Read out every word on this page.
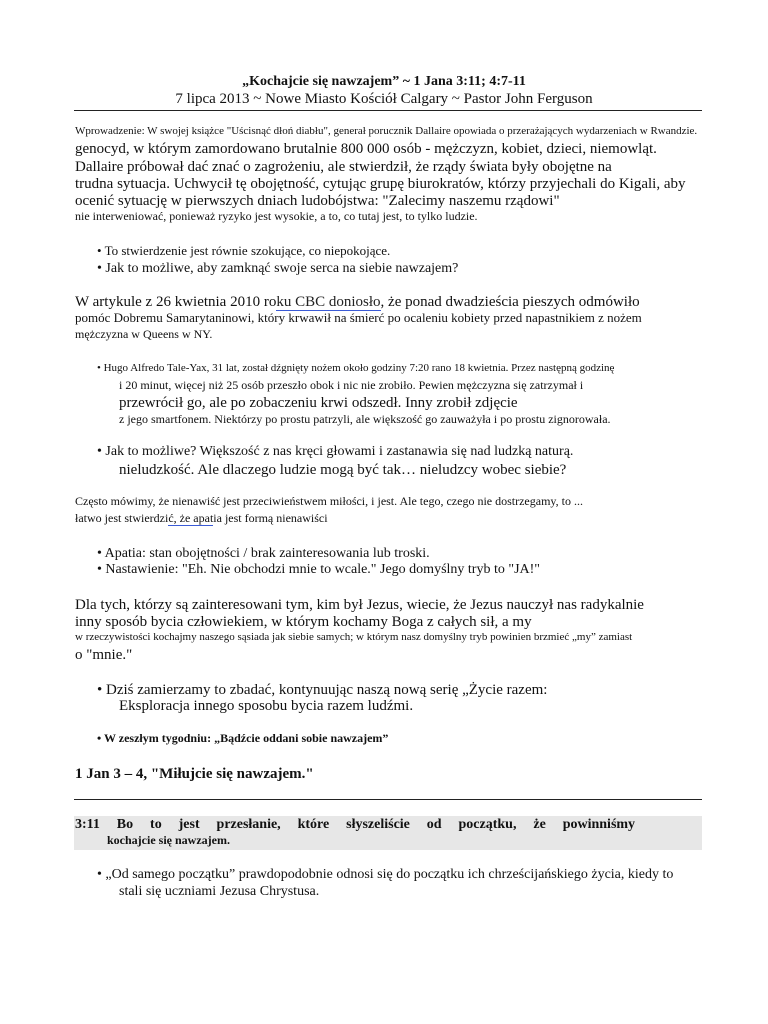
„Kochajcie się nawzajem” ~ 1 Jana 3:11; 4:7-11
7 lipca 2013 ~ Nowe Miasto Kościół Calgary ~ Pastor John Ferguson
Wprowadzenie: W swojej książce "Uścisnąć dłoń diabłu", generał porucznik Dallaire opowiada o przerażających wydarzeniach w Rwandzie.
genocyd, w którym zamordowano brutalnie 800 000 osób - mężczyzn, kobiet, dzieci, niemowląt.
Dallaire próbował dać znać o zagrożeniu, ale stwierdził, że rządy świata były obojętne na
trudna sytuacja. Uchwycił tę obojętność, cytując grupę biurokratów, którzy przyjechali do Kigali, aby
ocenić sytuację w pierwszych dniach ludobójstwa: "Zalecimy naszemu rządowi"
nie interweniować, ponieważ ryzyko jest wysokie, a to, co tutaj jest, to tylko ludzie.
• To stwierdzenie jest równie szokujące, co niepokojące.
• Jak to możliwe, aby zamknąć swoje serca na siebie nawzajem?
W artykule z 26 kwietnia 2010 roku CBC doniosło, że ponad dwadzieścia pieszych odmówiło
pomóc Dobremu Samarytaninowi, który krwawił na śmierć po ocaleniu kobiety przed napastnikiem z nożem
mężczyzna w Queens w NY.
• Hugo Alfredo Tale-Yax, 31 lat, został dźgnięty nożem około godziny 7:20 rano 18 kwietnia. Przez następną godzinę
i 20 minut, więcej niż 25 osób przeszło obok i nic nie zrobiło. Pewien mężczyzna się zatrzymał i
przewrócił go, ale po zobaczeniu krwi odszedł. Inny zrobił zdjęcie
z jego smartfonem. Niektórzy po prostu patrzyli, ale większość go zauważyła i po prostu zignorowała.
• Jak to możliwe? Większość z nas kręci głowami i zastanawia się nad ludzką naturą.
nieludzkość. Ale dlaczego ludzie mogą być tak… nieludzcy wobec siebie?
Często mówimy, że nienawiść jest przeciwieństwem miłości, i jest. Ale tego, czego nie dostrzegamy, to ...
łatwo jest stwierdzić, że apatia jest formą nienawiści
• Apatia: stan obojętności / brak zainteresowania lub troski.
• Nastawienie: "Eh. Nie obchodzi mnie to wcale." Jego domyślny tryb to "JA!"
Dla tych, którzy są zainteresowani tym, kim był Jezus, wiecie, że Jezus nauczył nas radykalnie
inny sposób bycia człowiekiem, w którym kochamy Boga z całych sił, a my
w rzeczywistości kochajmy naszego sąsiada jak siebie samych; w którym nasz domyślny tryb powinien brzmieć „my” zamiast
o "mnie."
• Dziś zamierzamy to zbadać, kontynuując naszą nową serię „Życie razem:
Eksploracja innego sposobu bycia razem ludźmi.
• W zeszłym tygodniu: „Bądźcie oddani sobie nawzajem”
1 Jan 3 – 4, "Miłujcie się nawzajem."
3:11 Bo to jest przesłanie, które słyszeliście od początku, że powinniśmy
kochajcie się nawzajem.
• „Od samego początku” prawdopodobnie odnosi się do początku ich chrześcijańskiego życia, kiedy to
stali się uczniami Jezusa Chrystusa.
